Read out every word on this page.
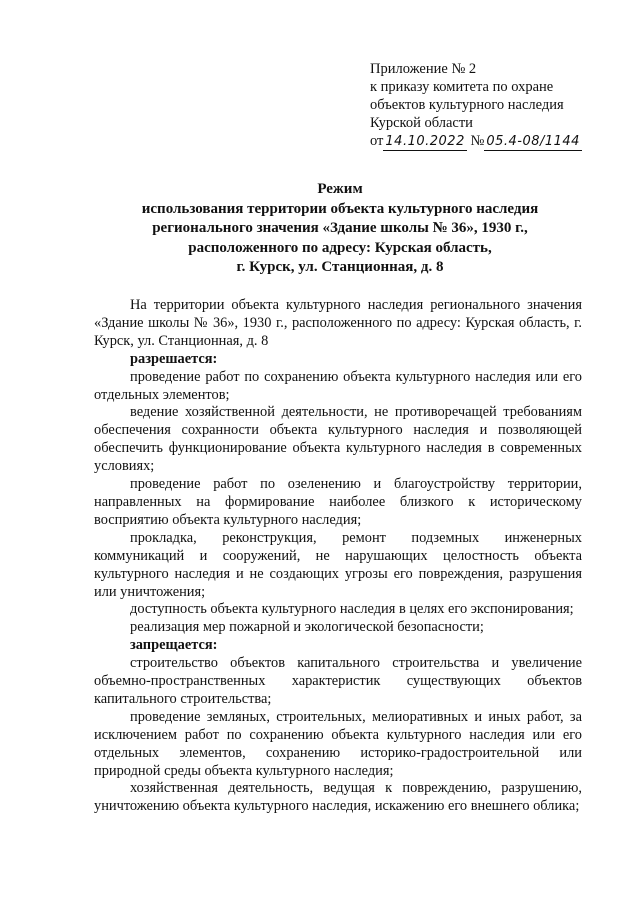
Приложение № 2
к приказу комитета по охране
объектов культурного наследия
Курской области
от 14.10.2022 № 05.4-08/1144
Режим
использования территории объекта культурного наследия
регионального значения «Здание школы № 36», 1930 г.,
расположенного по адресу: Курская область,
г. Курск, ул. Станционная, д. 8

На территории объекта культурного наследия регионального значения «Здание школы № 36», 1930 г., расположенного по адресу: Курская область, г. Курск, ул. Станционная, д. 8

разрешается:

проведение работ по сохранению объекта культурного наследия или его отдельных элементов;

ведение хозяйственной деятельности, не противоречащей требованиям обеспечения сохранности объекта культурного наследия и позволяющей обеспечить функционирование объекта культурного наследия в современных условиях;

проведение работ по озеленению и благоустройству территории, направленных на формирование наиболее близкого к историческому восприятию объекта культурного наследия;

прокладка, реконструкция, ремонт подземных инженерных коммуникаций и сооружений, не нарушающих целостность объекта культурного наследия и не создающих угрозы его повреждения, разрушения или уничтожения;

доступность объекта культурного наследия в целях его экспонирования;

реализация мер пожарной и экологической безопасности;

запрещается:

строительство объектов капитального строительства и увеличение объемно-пространственных характеристик существующих объектов капитального строительства;

проведение земляных, строительных, мелиоративных и иных работ, за исключением работ по сохранению объекта культурного наследия или его отдельных элементов, сохранению историко-градостроительной или природной среды объекта культурного наследия;

хозяйственная деятельность, ведущая к повреждению, разрушению, уничтожению объекта культурного наследия, искажению его внешнего облика;
